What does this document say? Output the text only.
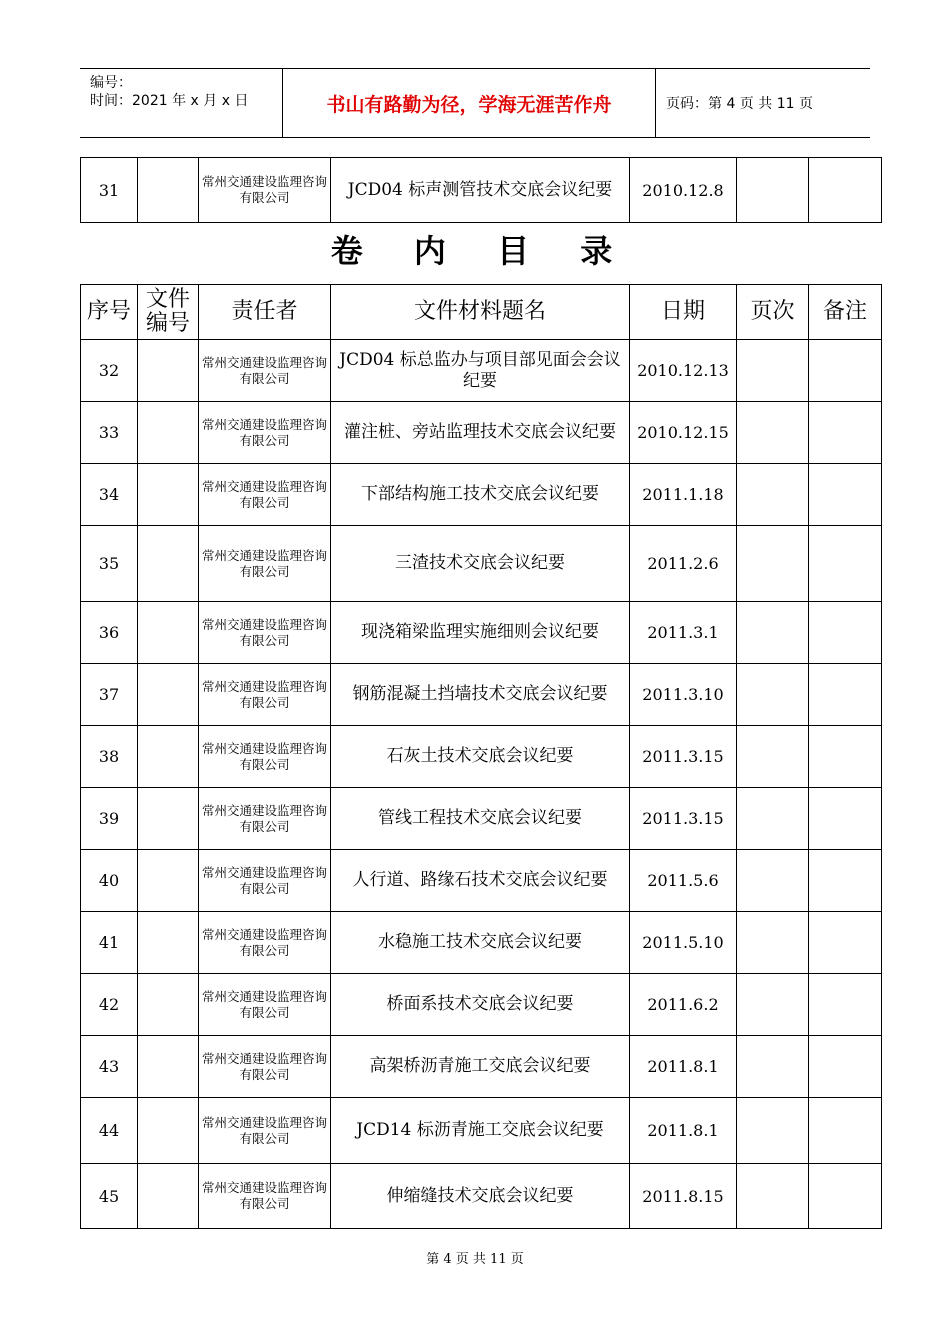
编号：
时间：2021 年 x 月 x 日	书山有路勤为径，学海无涯苦作舟	页码：第 4 页 共 11 页
31		常州交通建设监理咨询有限公司	JCD04 标声测管技术交底会议纪要	2010.12.8		
卷 内 目 录
序号	文件编号	责任者	文件材料题名	日期	页次	备注
32		常州交通建设监理咨询有限公司	JCD04 标总监办与项目部见面会会议纪要	2010.12.13		
33		常州交通建设监理咨询有限公司	灌注桩、旁站监理技术交底会议纪要	2010.12.15		
34		常州交通建设监理咨询有限公司	下部结构施工技术交底会议纪要	2011.1.18		
35		常州交通建设监理咨询有限公司	三渣技术交底会议纪要	2011.2.6		
36		常州交通建设监理咨询有限公司	现浇箱梁监理实施细则会议纪要	2011.3.1		
37		常州交通建设监理咨询有限公司	钢筋混凝土挡墙技术交底会议纪要	2011.3.10		
38		常州交通建设监理咨询有限公司	石灰土技术交底会议纪要	2011.3.15		
39		常州交通建设监理咨询有限公司	管线工程技术交底会议纪要	2011.3.15		
40		常州交通建设监理咨询有限公司	人行道、路缘石技术交底会议纪要	2011.5.6		
41		常州交通建设监理咨询有限公司	水稳施工技术交底会议纪要	2011.5.10		
42		常州交通建设监理咨询有限公司	桥面系技术交底会议纪要	2011.6.2		
43		常州交通建设监理咨询有限公司	高架桥沥青施工交底会议纪要	2011.8.1		
44		常州交通建设监理咨询有限公司	JCD14 标沥青施工交底会议纪要	2011.8.1		
45		常州交通建设监理咨询有限公司	伸缩缝技术交底会议纪要	2011.8.15		
第 4 页 共 11 页
